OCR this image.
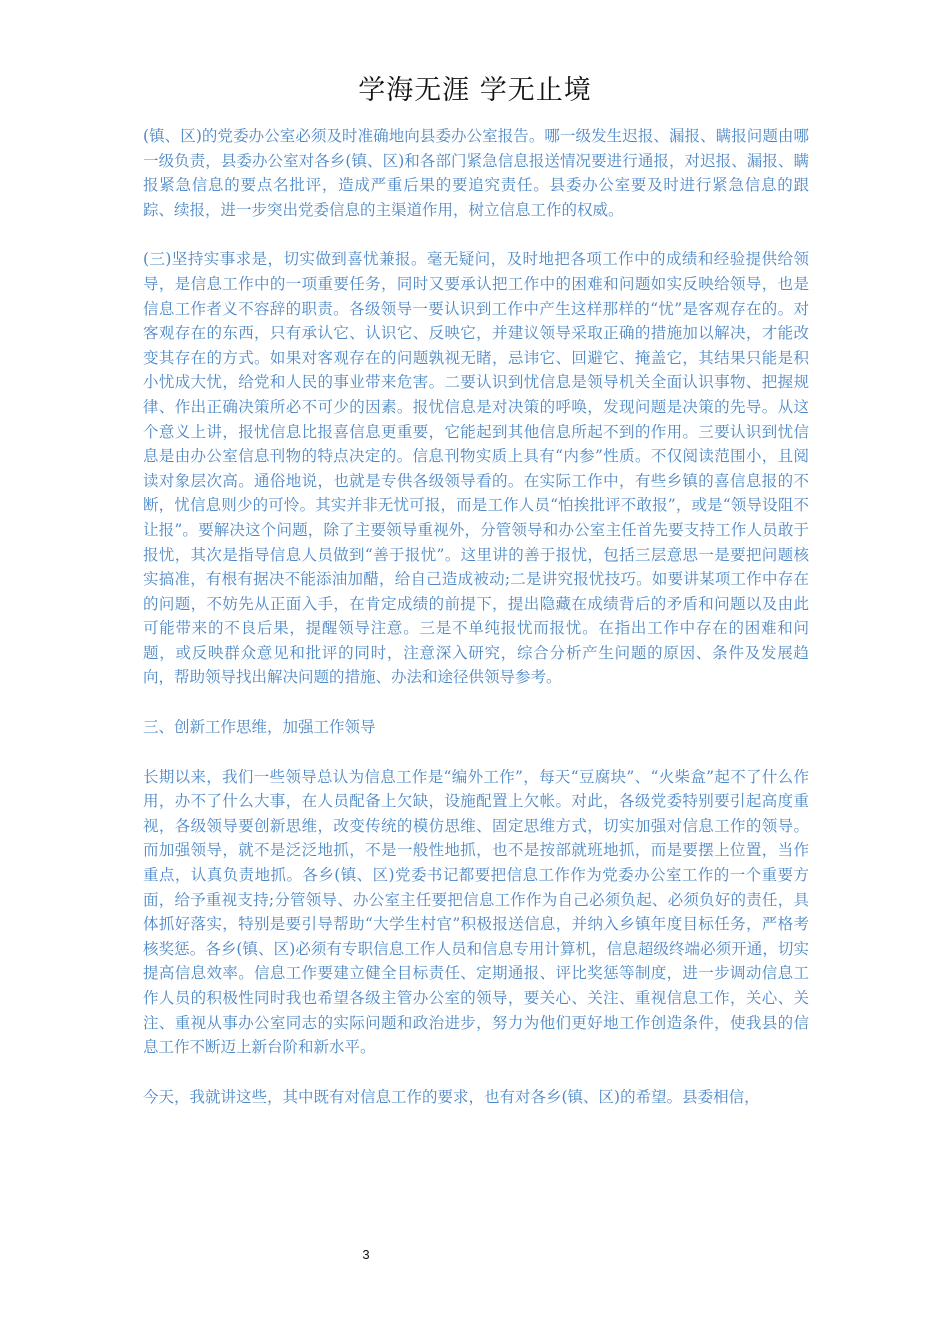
学海无涯 学无止境

(镇、区)的党委办公室必须及时准确地向县委办公室报告。哪一级发生迟报、漏报、瞒报问题由哪一级负责，县委办公室对各乡(镇、区)和各部门紧急信息报送情况要进行通报，对迟报、漏报、瞒报紧急信息的要点名批评，造成严重后果的要追究责任。县委办公室要及时进行紧急信息的跟踪、续报，进一步突出党委信息的主渠道作用，树立信息工作的权威。

(三)坚持实事求是，切实做到喜忧兼报。毫无疑问，及时地把各项工作中的成绩和经验提供给领导，是信息工作中的一项重要任务，同时又要承认把工作中的困难和问题如实反映给领导，也是信息工作者义不容辞的职责。各级领导一要认识到工作中产生这样那样的“忧”是客观存在的。对客观存在的东西，只有承认它、认识它、反映它，并建议领导采取正确的措施加以解决，才能改变其存在的方式。如果对客观存在的问题孰视无睹，忌讳它、回避它、掩盖它，其结果只能是积小忧成大忧，给党和人民的事业带来危害。二要认识到忧信息是领导机关全面认识事物、把握规律、作出正确决策所必不可少的因素。报忧信息是对决策的呼唤，发现问题是决策的先导。从这个意义上讲，报忧信息比报喜信息更重要，它能起到其他信息所起不到的作用。三要认识到忧信息是由办公室信息刊物的特点决定的。信息刊物实质上具有“内参”性质。不仅阅读范围小，且阅读对象层次高。通俗地说，也就是专供各级领导看的。在实际工作中，有些乡镇的喜信息报的不断，忧信息则少的可怜。其实并非无忧可报，而是工作人员“怕挨批评不敢报”，或是“领导设阻不让报”。要解决这个问题，除了主要领导重视外，分管领导和办公室主任首先要支持工作人员敢于报忧，其次是指导信息人员做到“善于报忧”。这里讲的善于报忧，包括三层意思一是要把问题核实搞准，有根有据决不能添油加醋，给自己造成被动;二是讲究报忧技巧。如要讲某项工作中存在的问题，不妨先从正面入手，在肯定成绩的前提下，提出隐藏在成绩背后的矛盾和问题以及由此可能带来的不良后果，提醒领导注意。三是不单纯报忧而报忧。在指出工作中存在的困难和问题，或反映群众意见和批评的同时，注意深入研究，综合分析产生问题的原因、条件及发展趋向，帮助领导找出解决问题的措施、办法和途径供领导参考。

三、创新工作思维，加强工作领导

长期以来，我们一些领导总认为信息工作是“编外工作”，每天“豆腐块”、“火柴盒”起不了什么作用，办不了什么大事，在人员配备上欠缺，设施配置上欠帐。对此，各级党委特别要引起高度重视，各级领导要创新思维，改变传统的模仿思维、固定思维方式，切实加强对信息工作的领导。而加强领导，就不是泛泛地抓，不是一般性地抓，也不是按部就班地抓，而是要摆上位置，当作重点，认真负责地抓。各乡(镇、区)党委书记都要把信息工作作为党委办公室工作的一个重要方面，给予重视支持;分管领导、办公室主任要把信息工作作为自己必须负起、必须负好的责任，具体抓好落实，特别是要引导帮助“大学生村官”积极报送信息，并纳入乡镇年度目标任务，严格考核奖惩。各乡(镇、区)必须有专职信息工作人员和信息专用计算机，信息超级终端必须开通，切实提高信息效率。信息工作要建立健全目标责任、定期通报、评比奖惩等制度，进一步调动信息工作人员的积极性同时我也希望各级主管办公室的领导，要关心、关注、重视信息工作，关心、关注、重视从事办公室同志的实际问题和政治进步，努力为他们更好地工作创造条件，使我县的信息工作不断迈上新台阶和新水平。

今天，我就讲这些，其中既有对信息工作的要求，也有对各乡(镇、区)的希望。县委相信，

3
